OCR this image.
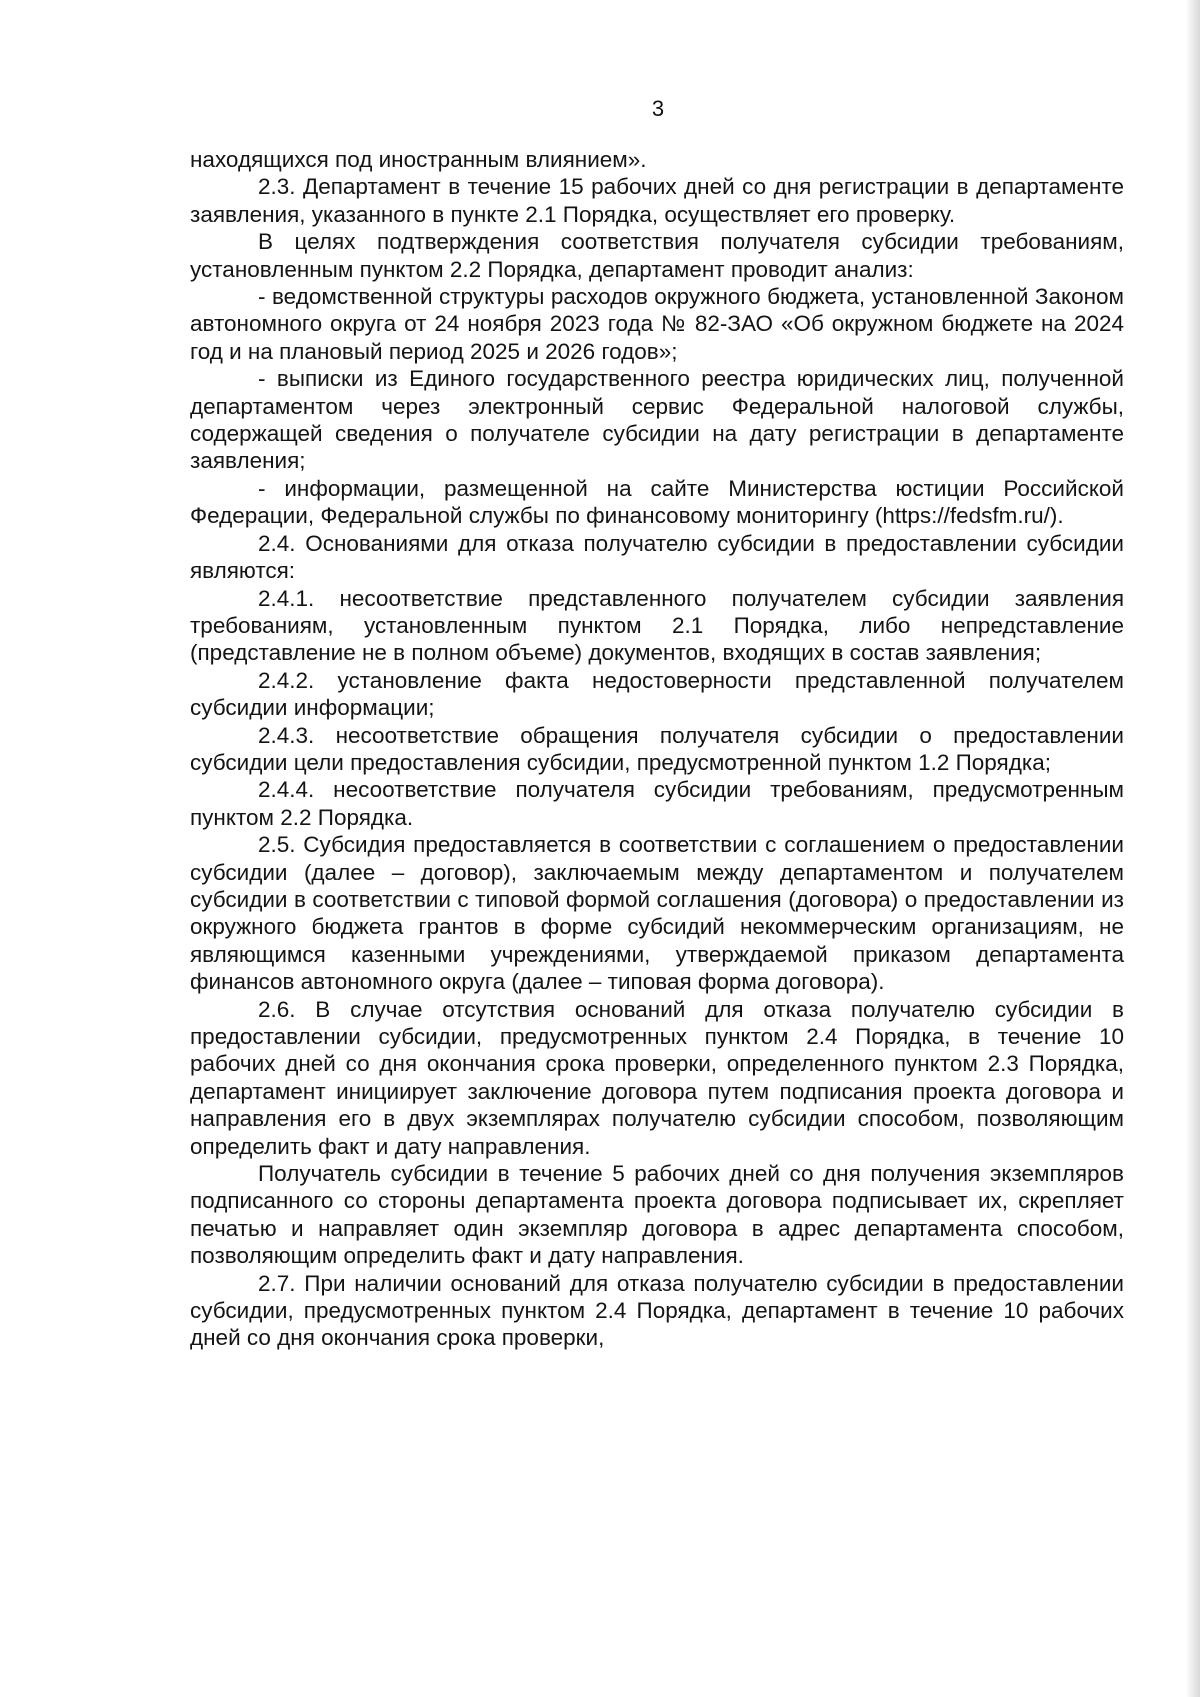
3

находящихся под иностранным влиянием».

2.3. Департамент в течение 15 рабочих дней со дня регистрации в департаменте заявления, указанного в пункте 2.1 Порядка, осуществляет его проверку.

В целях подтверждения соответствия получателя субсидии требованиям, установленным пунктом 2.2 Порядка, департамент проводит анализ:

- ведомственной структуры расходов окружного бюджета, установленной Законом автономного округа от 24 ноября 2023 года № 82-ЗАО «Об окружном бюджете на 2024 год и на плановый период 2025 и 2026 годов»;

- выписки из Единого государственного реестра юридических лиц, полученной департаментом через электронный сервис Федеральной налоговой службы, содержащей сведения о получателе субсидии на дату регистрации в департаменте заявления;

- информации, размещенной на сайте Министерства юстиции Российской Федерации, Федеральной службы по финансовому мониторингу (https://fedsfm.ru/).

2.4. Основаниями для отказа получателю субсидии в предоставлении субсидии являются:

2.4.1. несоответствие представленного получателем субсидии заявления требованиям, установленным пунктом 2.1 Порядка, либо непредставление (представление не в полном объеме) документов, входящих в состав заявления;

2.4.2. установление факта недостоверности представленной получателем субсидии информации;

2.4.3. несоответствие обращения получателя субсидии о предоставлении субсидии цели предоставления субсидии, предусмотренной пунктом 1.2 Порядка;

2.4.4. несоответствие получателя субсидии требованиям, предусмотренным пунктом 2.2 Порядка.

2.5. Субсидия предоставляется в соответствии с соглашением о предоставлении субсидии (далее – договор), заключаемым между департаментом и получателем субсидии в соответствии с типовой формой соглашения (договора) о предоставлении из окружного бюджета грантов в форме субсидий некоммерческим организациям, не являющимся казенными учреждениями, утверждаемой приказом департамента финансов автономного округа (далее – типовая форма договора).

2.6. В случае отсутствия оснований для отказа получателю субсидии в предоставлении субсидии, предусмотренных пунктом 2.4 Порядка, в течение 10 рабочих дней со дня окончания срока проверки, определенного пунктом 2.3 Порядка, департамент инициирует заключение договора путем подписания проекта договора и направления его в двух экземплярах получателю субсидии способом, позволяющим определить факт и дату направления.

Получатель субсидии в течение 5 рабочих дней со дня получения экземпляров подписанного со стороны департамента проекта договора подписывает их, скрепляет печатью и направляет один экземпляр договора в адрес департамента способом, позволяющим определить факт и дату направления.

2.7. При наличии оснований для отказа получателю субсидии в предоставлении субсидии, предусмотренных пунктом 2.4 Порядка, департамент в течение 10 рабочих дней со дня окончания срока проверки,
